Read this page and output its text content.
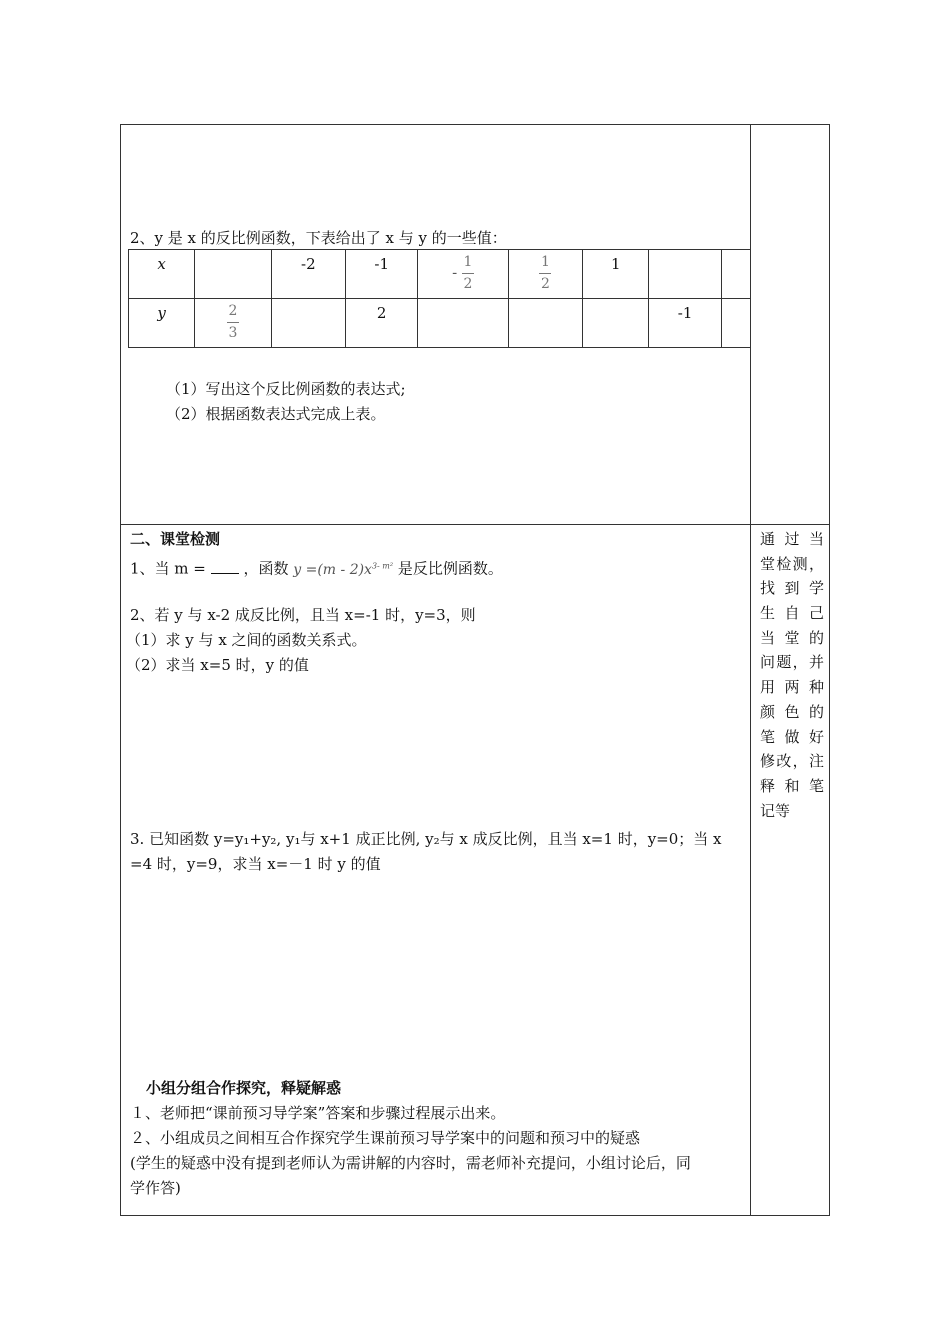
2、y 是 x 的反比例函数，下表给出了 x 与 y 的一些值：
x		-2	-1	- $\frac{1}{2}$	$\frac{1}{2}$	1		

y	$\frac{2}{3}$		2				-1	

（1）写出这个反比例函数的表达式;
（2）根据函数表达式完成上表。
二、课堂检测
1、当 m =	，函数 $y =(m - 2)x^{3- m^2}$ 是反比例函数。
2、若 y 与 x-2 成反比例，且当 x=-1 时，y=3，则
（1）求 y 与 x 之间的函数关系式。
（2）求当 x=5 时，y 的值
3. 已知函数 y=y₁+y₂, y₁与 x+1 成正比例, y₂与 x 成反比例，且当 x=1 时，y=0；当 x
=4 时，y=9，求当 x=－1 时 y 的值
小组分组合作探究，释疑解惑
１、老师把“课前预习导学案”答案和步骤过程展示出来。
２、小组成员之间相互合作探究学生课前预习导学案中的问题和预习中的疑惑
(学生的疑惑中没有提到老师认为需讲解的内容时，需老师补充提问，小组讨论后，同
学作答)
通过当
堂检测，
找到学
生自己
当堂的
问题，并
用两种
颜色的
笔做好
修改，注
释和笔
记等
